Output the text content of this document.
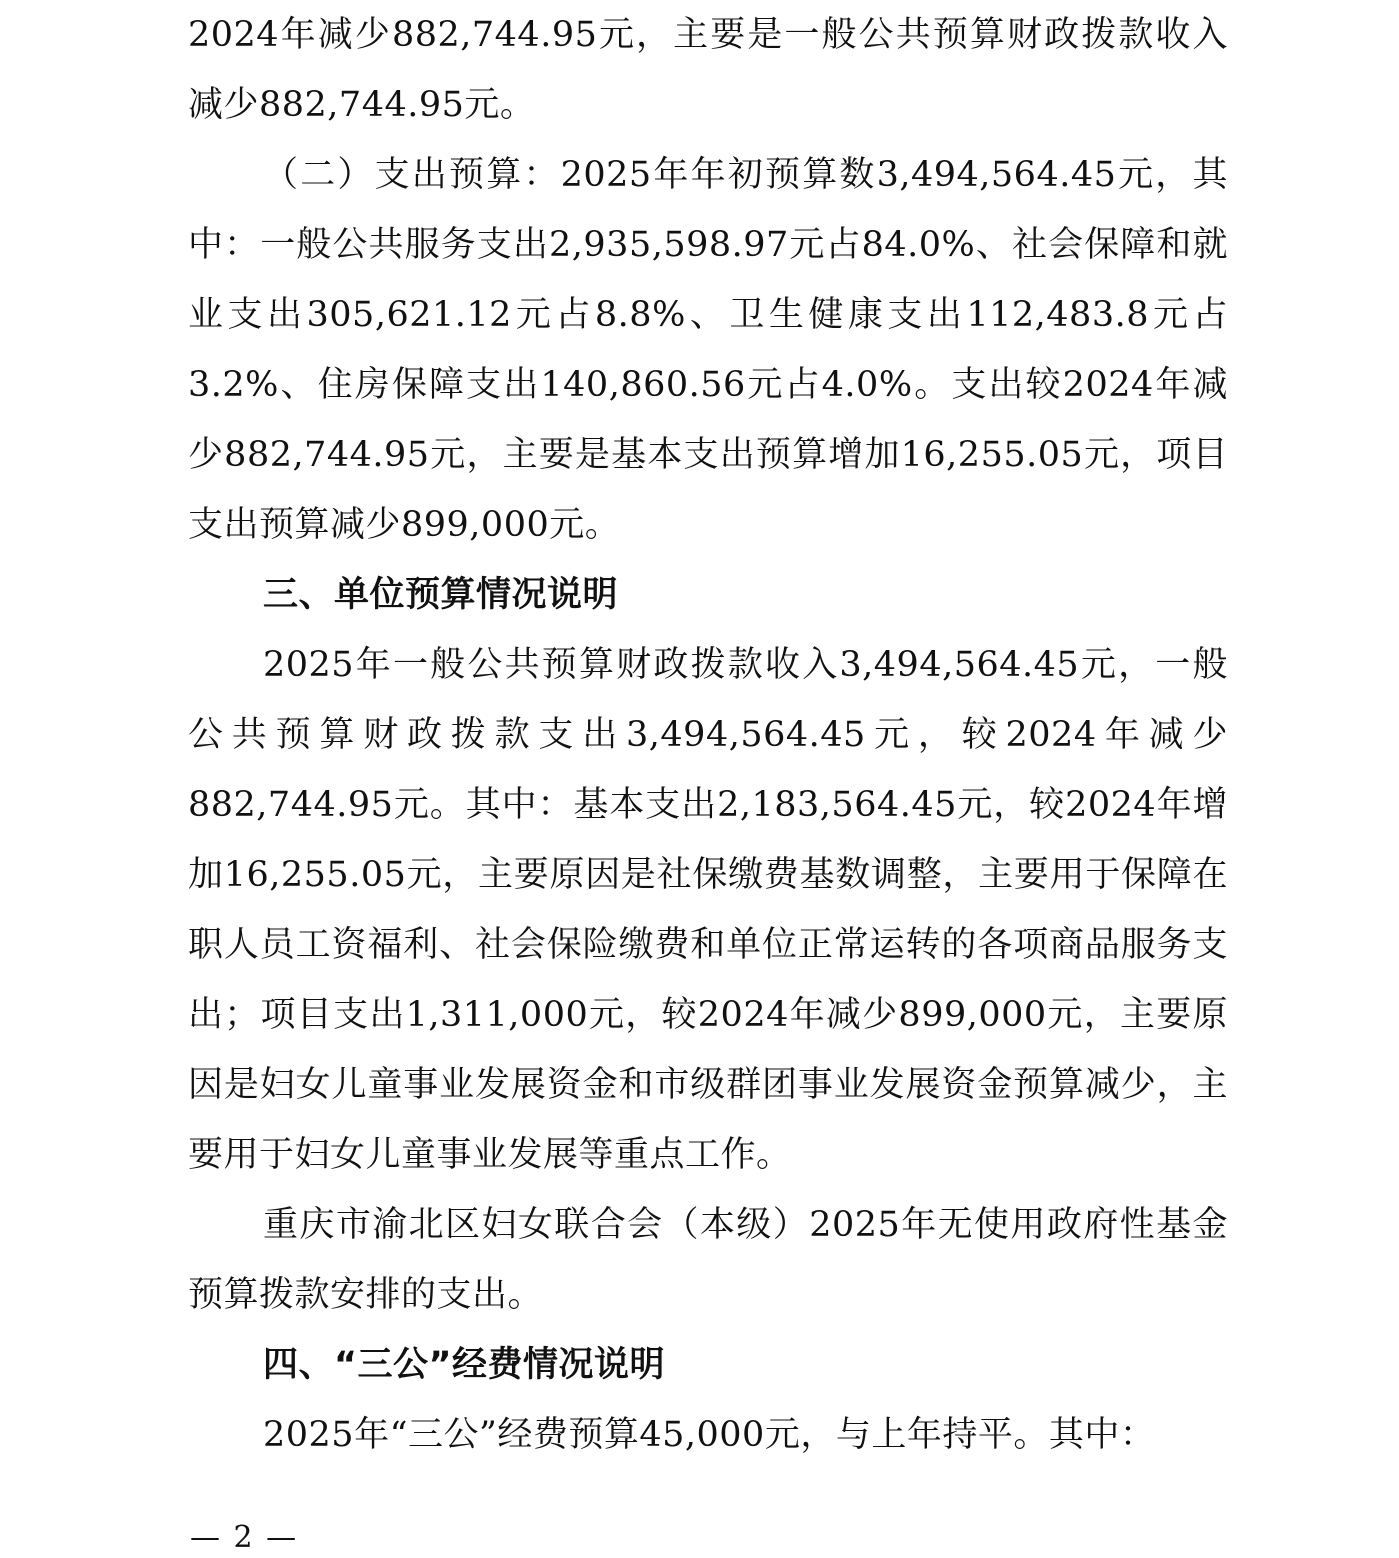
2024年减少882,744.95元，主要是一般公共预算财政拨款收入减少882,744.95元。

（二）支出预算：2025年年初预算数3,494,564.45元，其中：一般公共服务支出2,935,598.97元占84.0%、社会保障和就业支出305,621.12元占8.8%、卫生健康支出112,483.8元占3.2%、住房保障支出140,860.56元占4.0%。支出较2024年减少882,744.95元，主要是基本支出预算增加16,255.05元，项目支出预算减少899,000元。

三、单位预算情况说明

2025年一般公共预算财政拨款收入3,494,564.45元，一般公共预算财政拨款支出3,494,564.45元，较2024年减少882,744.95元。其中：基本支出2,183,564.45元，较2024年增加16,255.05元，主要原因是社保缴费基数调整，主要用于保障在职人员工资福利、社会保险缴费和单位正常运转的各项商品服务支出；项目支出1,311,000元，较2024年减少899,000元，主要原因是妇女儿童事业发展资金和市级群团事业发展资金预算减少，主要用于妇女儿童事业发展等重点工作。

重庆市渝北区妇女联合会（本级）2025年无使用政府性基金预算拨款安排的支出。

四、“三公”经费情况说明

2025年“三公”经费预算45,000元，与上年持平。其中：

— 2 —
